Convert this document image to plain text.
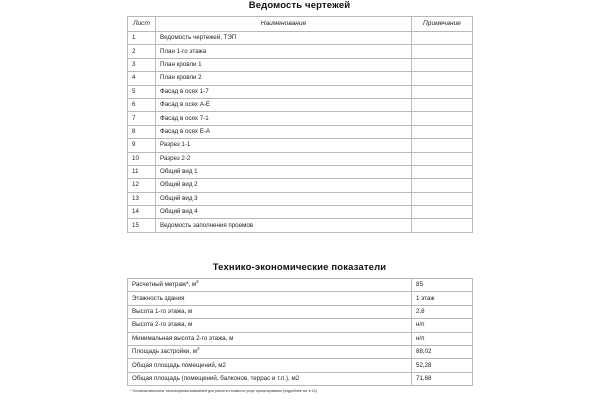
Ведомость чертежей
Лист	Наименование	Примечание
1	Ведомость чертежей, ТЭП	
2	План 1-го этажа	
3	План кровли 1	
4	План кровли 2	
5	Фасад в осях 1-7	
6	Фасад в осях А-Е	
7	Фасад в осях 7-1	
8	Фасад в осях Е-А	
9	Разрез 1-1	
10	Разрез 2-2	
11	Общий вид 1	
12	Общий вид 2	
13	Общий вид 3	
14	Общий вид 4	
15	Ведомость заполнения проемов	
Технико-экономические показатели
Расчетный метраж*, $м^2$	85
Этажность здания	1 этаж
Высота 1-го этажа, м	2,8
Высота 2-го этажа, м	н/п
Минимальная высота 2-го этажа, м	н/п
Площадь застройки, $м^2$	88,02
Общая площадь помещений, м2	52,28
Общая площадь (помещений, балконов, террас и т.п.), м2	71,68
* Условная величина, используемая компанией для расчета стоимости услуг проектирования (подробнее см. в 13)
